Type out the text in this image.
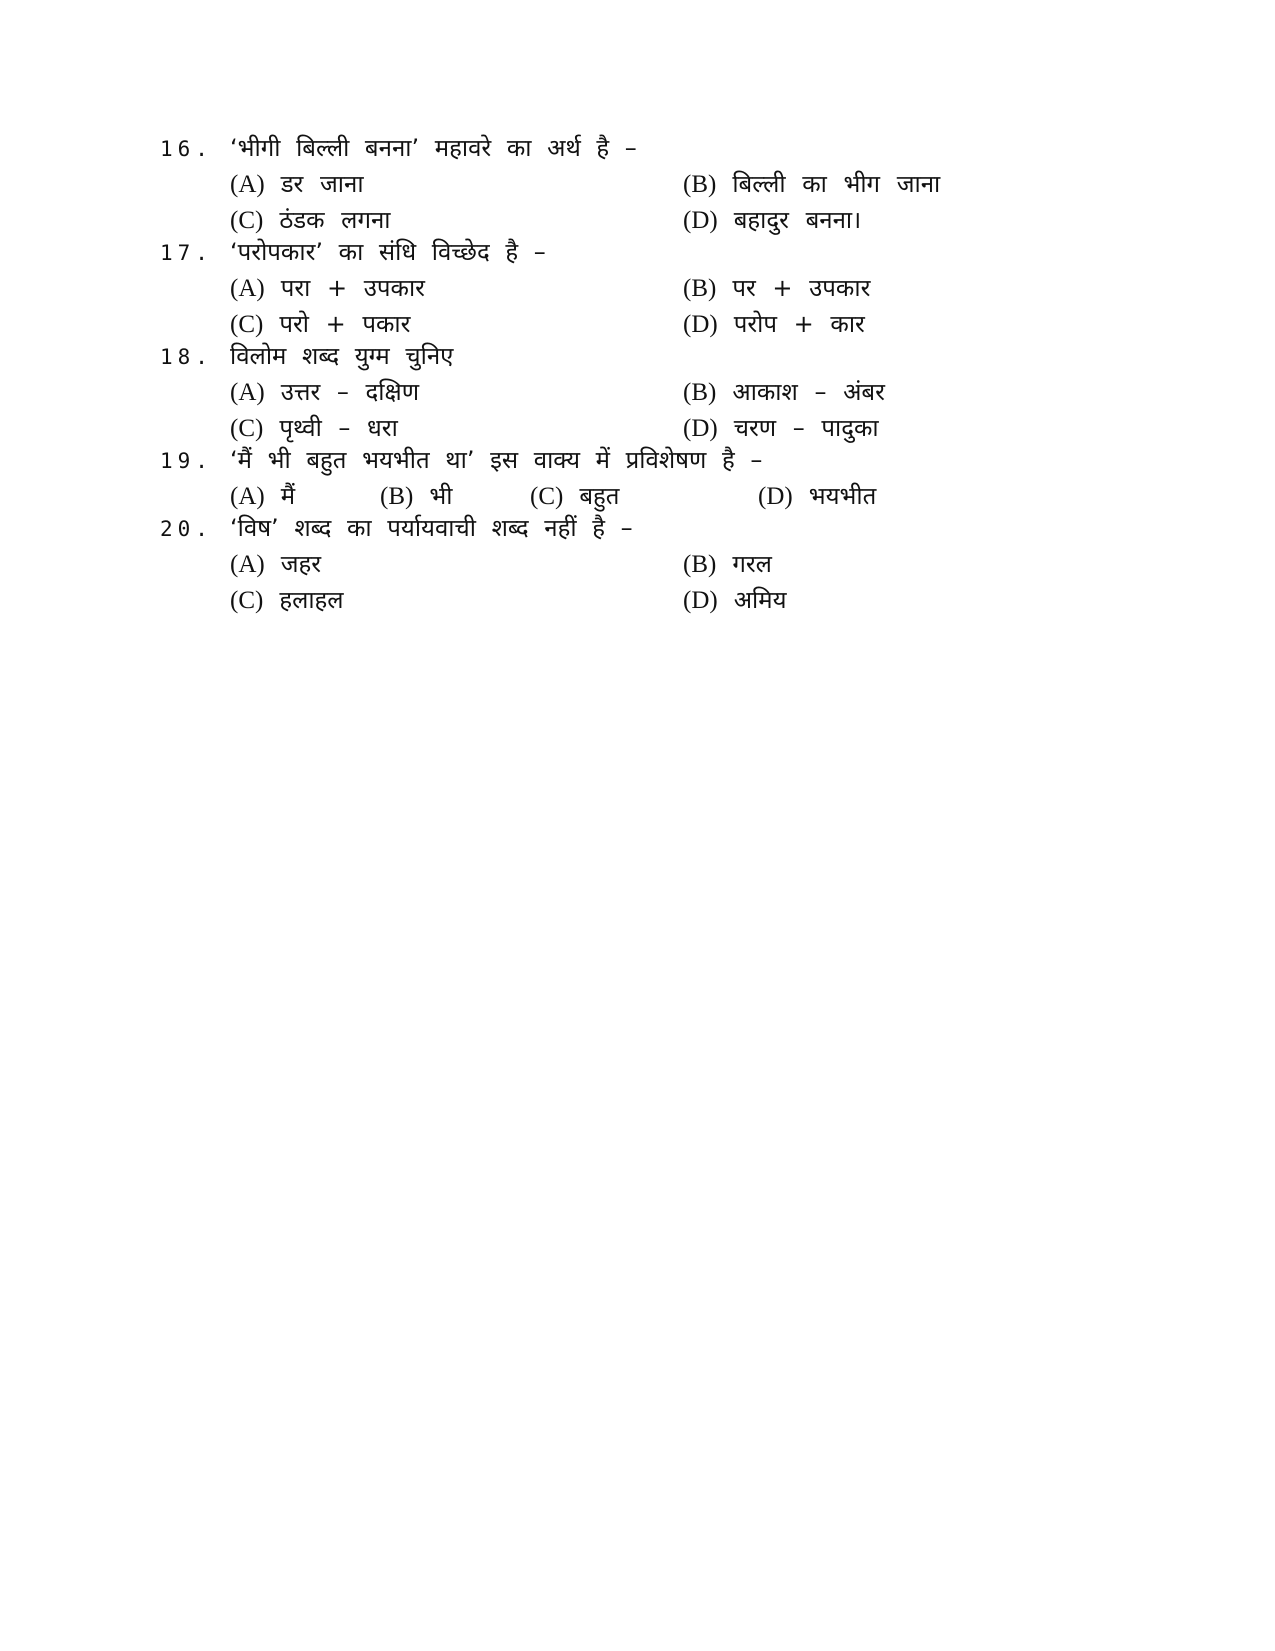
16. ‘भीगी बिल्ली बनना’ महावरे का अर्थ है –
(A) डर जाना	(B) बिल्ली का भीग जाना
(C) ठंडक लगना	(D) बहादुर बनना।
17. ‘परोपकार’ का संधि विच्छेद है –
(A) परा + उपकार	(B) पर + उपकार
(C) परो + पकार	(D) परोप + कार
18. विलोम शब्द युग्म चुनिए
(A) उत्तर – दक्षिण	(B) आकाश – अंबर
(C) पृथ्वी – धरा	(D) चरण – पादुका
19. ‘मैं भी बहुत भयभीत था’ इस वाक्य में प्रविशेषण है –
(A) मैं	(B) भी	(C) बहुत	(D) भयभीत
20. ‘विष’ शब्द का पर्यायवाची शब्द नहीं है –
(A) जहर	(B) गरल
(C) हलाहल	(D) अमिय
